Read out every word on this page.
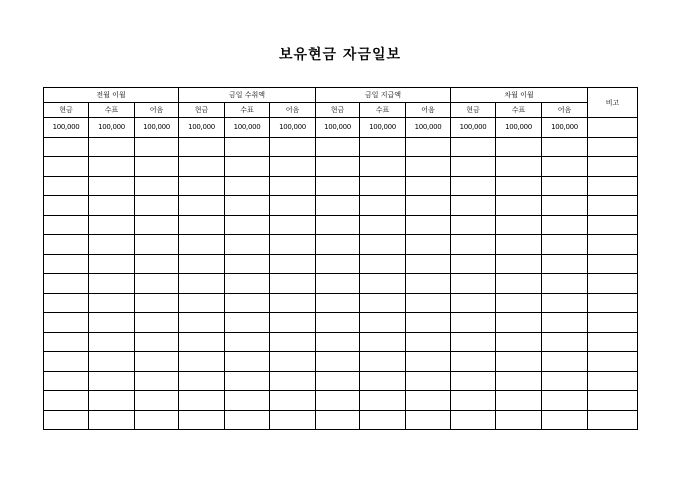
보유현금 자금일보
전월 이월			금일 수취액			금일 지급액			차월 이월			비고
현금	수표	어음	현금	수표	어음	현금	수표	어음	현금	수표	어음	
100,000	100,000	100,000	100,000	100,000	100,000	100,000	100,000	100,000	100,000	100,000	100,000	
